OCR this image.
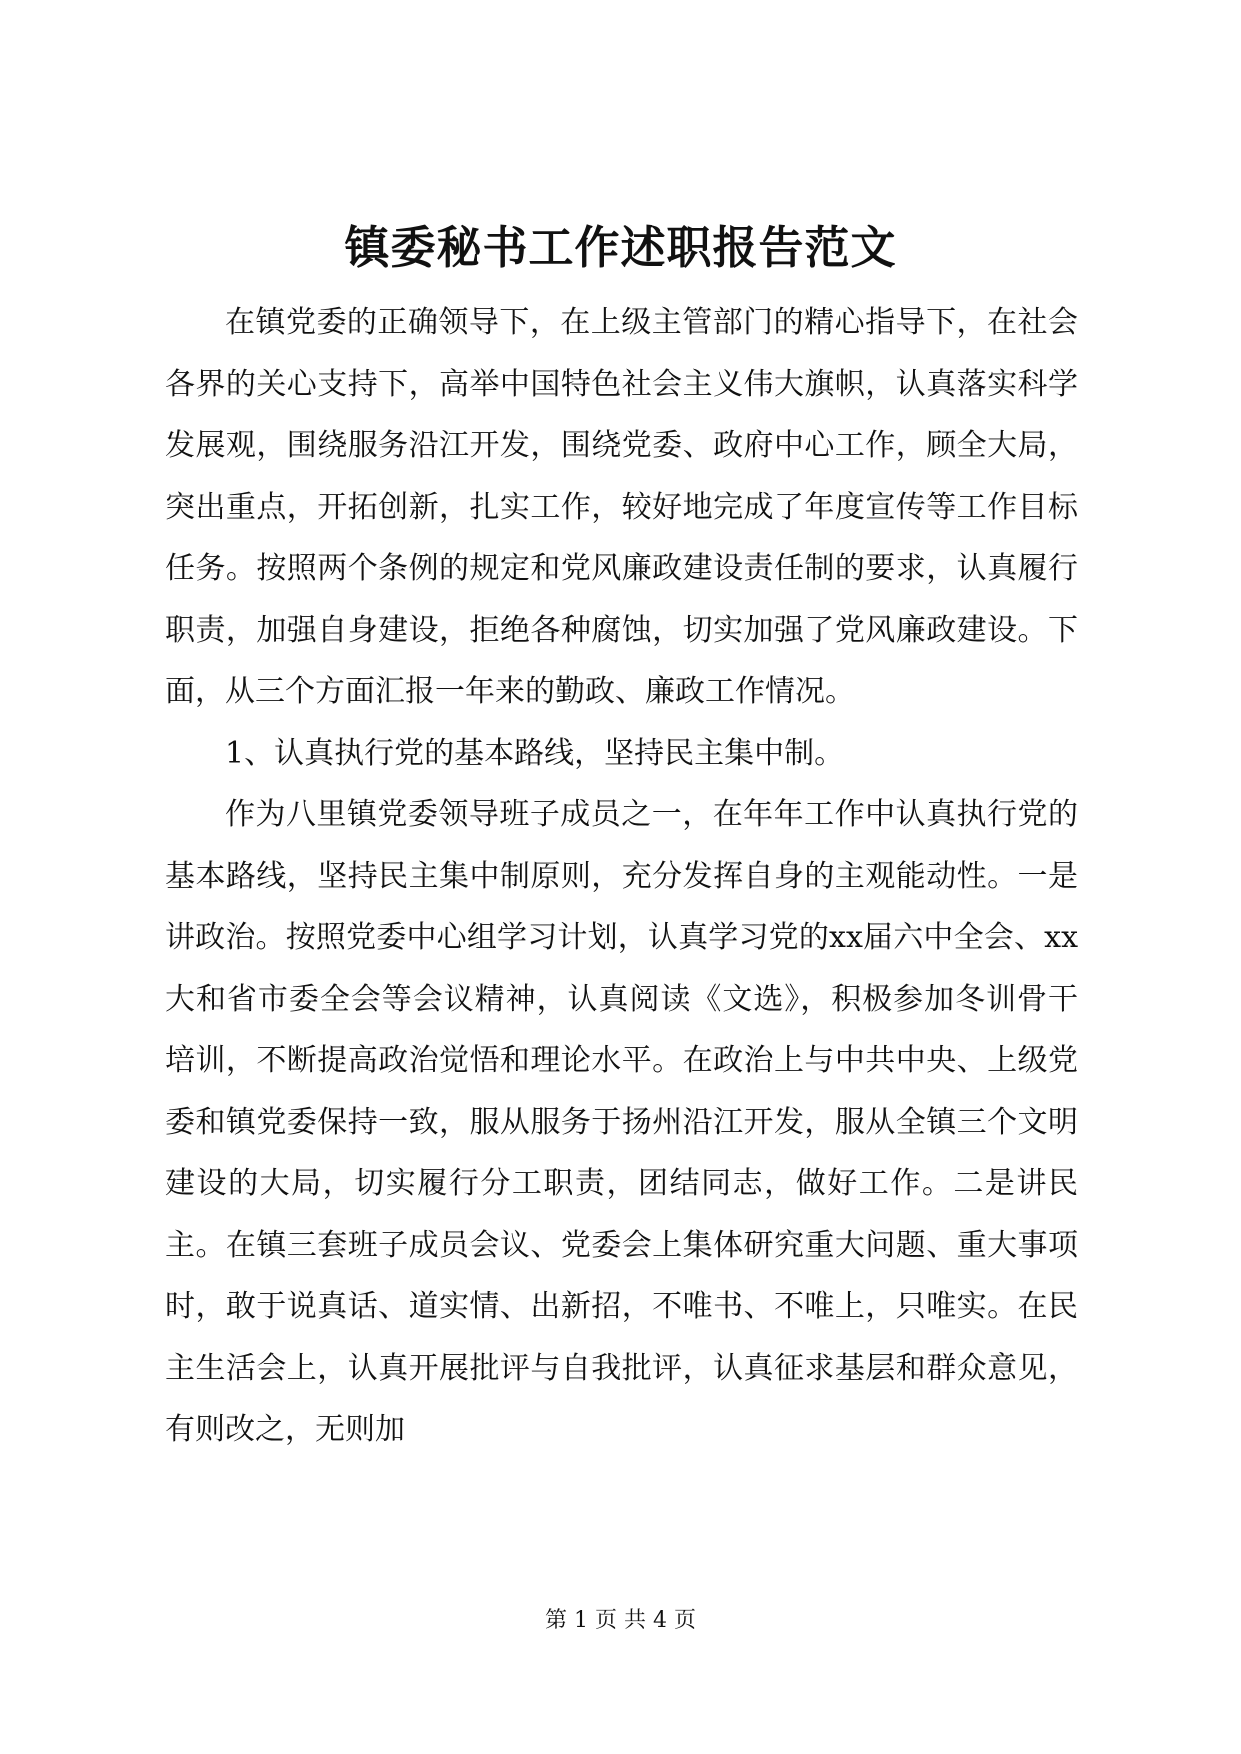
镇委秘书工作述职报告范文

在镇党委的正确领导下，在上级主管部门的精心指导下，在社会各界的关心支持下，高举中国特色社会主义伟大旗帜，认真落实科学发展观，围绕服务沿江开发，围绕党委、政府中心工作，顾全大局，突出重点，开拓创新，扎实工作，较好地完成了年度宣传等工作目标任务。按照两个条例的规定和党风廉政建设责任制的要求，认真履行职责，加强自身建设，拒绝各种腐蚀，切实加强了党风廉政建设。下面，从三个方面汇报一年来的勤政、廉政工作情况。

1、认真执行党的基本路线，坚持民主集中制。

作为八里镇党委领导班子成员之一，在年年工作中认真执行党的基本路线，坚持民主集中制原则，充分发挥自身的主观能动性。一是讲政治。按照党委中心组学习计划，认真学习党的xx届六中全会、xx大和省市委全会等会议精神，认真阅读《文选》，积极参加冬训骨干培训，不断提高政治觉悟和理论水平。在政治上与中共中央、上级党委和镇党委保持一致，服从服务于扬州沿江开发，服从全镇三个文明建设的大局，切实履行分工职责，团结同志，做好工作。二是讲民主。在镇三套班子成员会议、党委会上集体研究重大问题、重大事项时，敢于说真话、道实情、出新招，不唯书、不唯上，只唯实。在民主生活会上，认真开展批评与自我批评，认真征求基层和群众意见，有则改之，无则加

第 1 页 共 4 页
